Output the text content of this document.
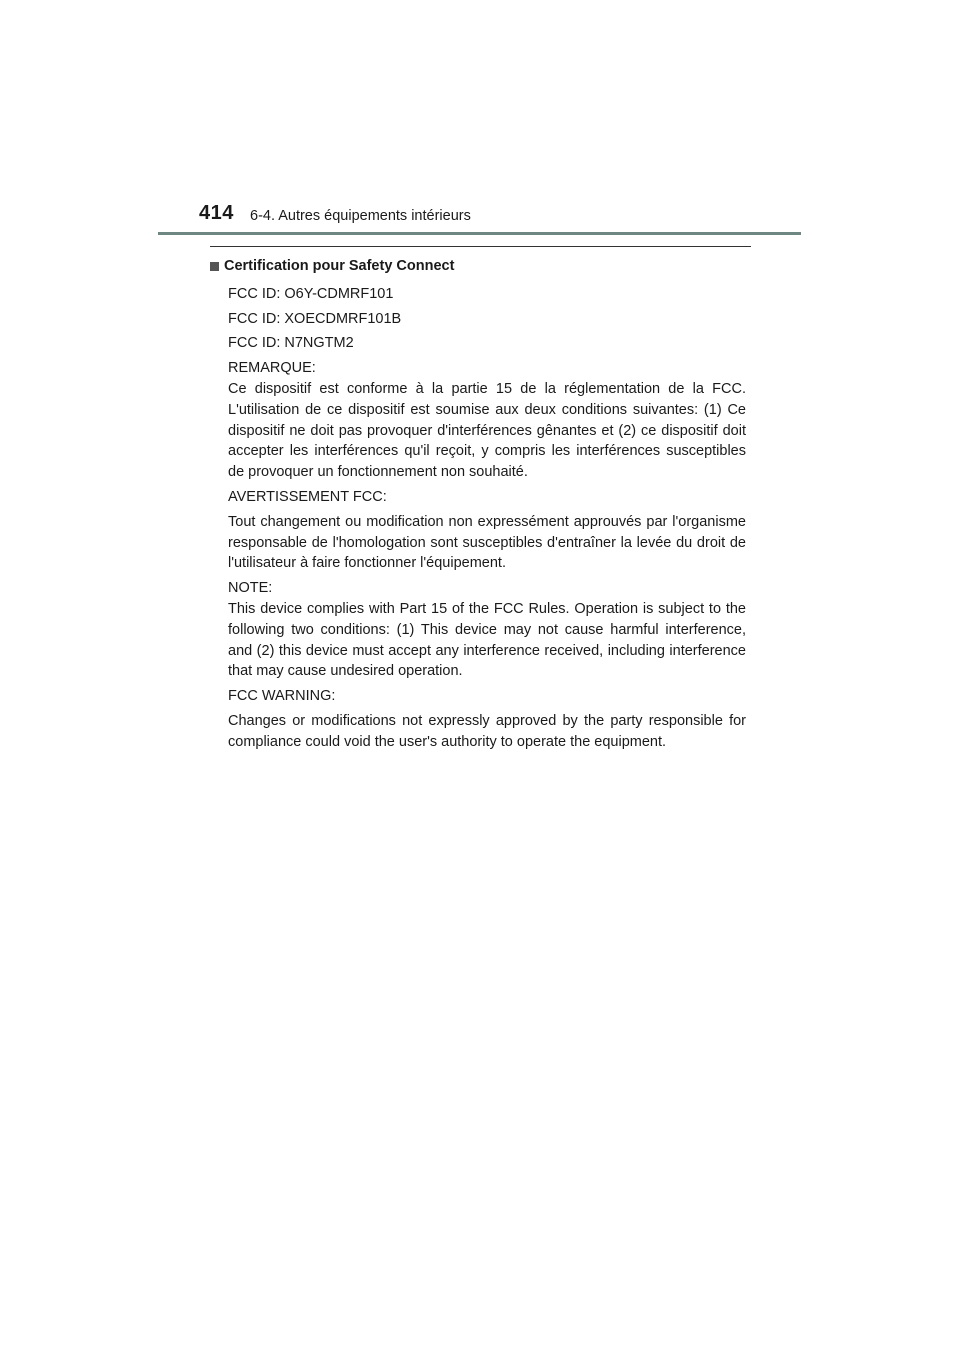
414 6-4. Autres équipements intérieurs
Certification pour Safety Connect

FCC ID: O6Y-CDMRF101

FCC ID: XOECDMRF101B

FCC ID: N7NGTM2

REMARQUE:

Ce dispositif est conforme à la partie 15 de la réglementation de la FCC. L'utilisation de ce dispositif est soumise aux deux conditions suivantes: (1) Ce dispositif ne doit pas provoquer d'interférences gênantes et (2) ce dispositif doit accepter les interférences qu'il reçoit, y compris les interférences susceptibles de provoquer un fonctionnement non souhaité.

AVERTISSEMENT FCC:

Tout changement ou modification non expressément approuvés par l'organisme responsable de l'homologation sont susceptibles d'entraîner la levée du droit de l'utilisateur à faire fonctionner l'équipement.

NOTE:

This device complies with Part 15 of the FCC Rules. Operation is subject to the following two conditions: (1) This device may not cause harmful interference, and (2) this device must accept any interference received, including interference that may cause undesired operation.

FCC WARNING:

Changes or modifications not expressly approved by the party responsible for compliance could void the user's authority to operate the equipment.
